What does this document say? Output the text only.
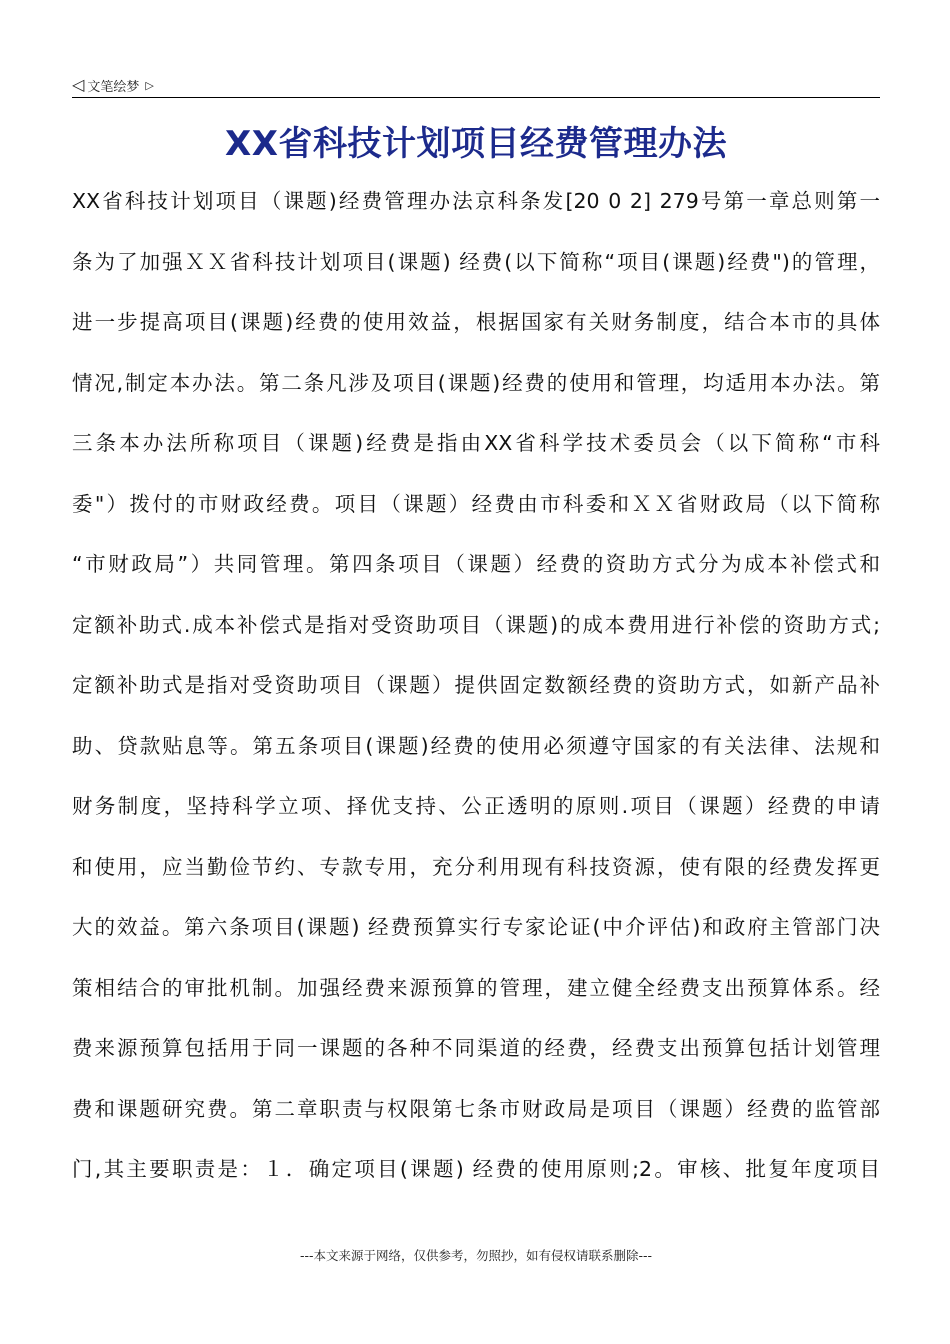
◁ 文笔绘梦 ▷
XX省科技计划项目经费管理办法
XX省科技计划项目（课题)经费管理办法京科条发[20 0 2] 279号第一章总则第一
条为了加强ＸＸ省科技计划项目(课题) 经费(以下简称“项目(课题)经费")的管理，
进一步提高项目(课题)经费的使用效益，根据国家有关财务制度，结合本市的具体
情况,制定本办法。第二条凡涉及项目(课题)经费的使用和管理，均适用本办法。第
三条本办法所称项目（课题)经费是指由XX省科学技术委员会（以下简称“市科
委"）拨付的市财政经费。项目（课题）经费由市科委和ＸＸ省财政局（以下简称
“市财政局”）共同管理。第四条项目（课题）经费的资助方式分为成本补偿式和
定额补助式.成本补偿式是指对受资助项目（课题)的成本费用进行补偿的资助方式;
定额补助式是指对受资助项目（课题）提供固定数额经费的资助方式，如新产品补
助、贷款贴息等。第五条项目(课题)经费的使用必须遵守国家的有关法律、法规和
财务制度，坚持科学立项、择优支持、公正透明的原则.项目（课题）经费的申请
和使用，应当勤俭节约、专款专用，充分利用现有科技资源，使有限的经费发挥更
大的效益。第六条项目(课题) 经费预算实行专家论证(中介评估)和政府主管部门决
策相结合的审批机制。加强经费来源预算的管理，建立健全经费支出预算体系。经
费来源预算包括用于同一课题的各种不同渠道的经费，经费支出预算包括计划管理
费和课题研究费。第二章职责与权限第七条市财政局是项目（课题）经费的监管部
门,其主要职责是：１．确定项目(课题) 经费的使用原则;2。审核、批复年度项目
---本文来源于网络，仅供参考，勿照抄，如有侵权请联系删除---
